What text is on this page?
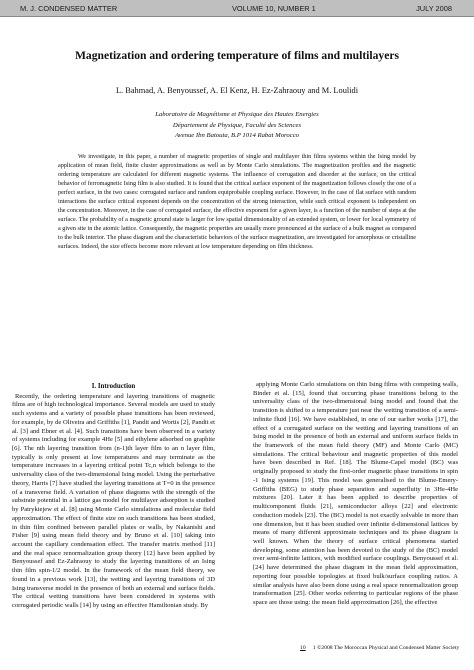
M. J. CONDENSED MATTER	VOLUME 10, NUMBER 1	JULY 2008
Magnetization and ordering temperature of films and multilayers
L. Bahmad, A. Benyoussef, A. El Kenz, H. Ez-Zahraouy and M. Loulidi
Laboratoire de Magnétisme et Physique des Hautes Energies
Département de Physique, Faculté des Sciences
Avenue Ibn Batouta, B.P 1014 Rabat Morocco

We investigate, in this paper, a number of magnetic properties of single and multilayer thin films systems within the Ising model by application of mean field, finite cluster approximations as well as by Monte Carlo simulations. The magnetization profiles and the magnetic ordering temperature are calculated for different magnetic systems. The influence of corrugation and disorder at the surface, on the critical behavior of ferromagnetic Ising film is also studied. It is found that the critical surface exponent of the magnetization follows closely the one of a perfect surface, in the two cases: corrugated surface and random equiprobable coupling surface. However, in the case of flat surface with random interactions the surface critical exponent depends on the concentration of the strong interaction, while such critical exponent is independent on the concentration. Moreover, in the case of corrugated surface, the effective exponent for a given layer, is a function of the number of steps at the surface. The probability of a magnetic ground state is larger for low spatial dimensionality of an extended system, or lower for local symmetry of a given site in the atomic lattice. Consequently, the magnetic properties are usually more pronounced at the surface of a bulk magnet as compared to the bulk interior. The phase diagram and the characteristic behaviors of the surface magnetization, are investigated for amorphous or cristalline surfaces. Indeed, the size effects become more relevant at low temperature depending on film thickness.

I. Introduction

Recently, the ordering temperature and layering transitions of magnetic films are of high technological importance. Several models are used to study such systems and a variety of possible phase transitions has been reviewed, for example, by de Oliveira and Griffiths [1], Pandit and Wortis [2], Pandit et al. [3] and Ebner et al. [4]. Such transitions have been observed in a variety of systems including for example 4He [5] and ethylene adsorbed on graphite [6]. The nth layering transition from (n-1)th layer film to an n layer film, typically is only present at low temperatures and may terminate as the temperature increases in a layering critical point Tc,n which belongs to the universality class of the two-dimensional Ising model. Using the perturbative theory, Harris [7] have studied the layering transitions at T=0 in the presence of a transverse field. A variation of phase diagrams with the strength of the substrate potential in a lattice gas model for multilayer adsorption is studied by Patrykiejew et al. [8] using Monte Carlo simulations and molecular field approximation. The effect of finite size on such transitions has been studied, in thin film confined between parallel plates or walls, by Nakanishi and Fisher [9] using mean field theory and by Bruno et al. [10] taking into account the capillary condensation effect. The transfer matrix method [11] and the real space renormalization group theory [12] have been applied by Benyoussef and Ez-Zahraouy to study the layering transitions of an Ising thin film spin-1/2 model. In the framework of the mean field theory, we found in a previous work [13], the wetting and layering transitions of 3D Ising transverse model in the presence of both an external and surface fields. The critical wetting transitions have been considered in systems with corrugated periodic walls [14] by using an effective Hamiltonian study. By

applying Monte Carlo simulations on thin Ising films with competing walls, Binder et al. [15], found that occurring phase transitions belong to the universality class of the two-dimensional Ising model and found that the transition is shifted to a temperature just near the wetting transition of a semi-infinite fluid [16]. We have established, in one of our earlier works [17], the effect of a corrugated surface on the wetting and layering transitions of an Ising model in the presence of both an external and uniform surface fields in the framework of the mean field theory (MF) and Monte Carlo (MC) simulations. The critical behaviour and magnetic properties of this model have been described in Ref. [18]. The Blume-Capel model (BC) was originally proposed to study the first-order magnetic phase transitions in spin -1 Ising systems [19]. This model was generalised to the Blume-Emery-Griffiths (BEG) to study phase separation and superfluity in 3He-4He mixtures [20]. Later it has been applied to describe properties of multicomponent fluids [21], semiconductor alloys [22] and electronic conduction models [23]. The (BC) model is not exactly solvable in more than one dimension, but it has been studied over infinite d-dimensional lattices by means of many different approximate techniques and its phase diagram is well known. When the theory of surface critical phenomena started developing, some attention has been devoted to the study of the (BC) model over semi-infinite lattices, with modified surface couplings. Benyoussef et al. [24] have determined the phase diagram in the mean field approximation, reporting four possible topologies at fixed bulk/surface coupling ratios. A similar analysis have also been done using a real space renormalization group transformation [25]. Other works referring to particular regions of the phase space are those using: the mean field approximation [26], the effective

10 1 ©2008 The Moroccan Physical and Condensed Matter Society
